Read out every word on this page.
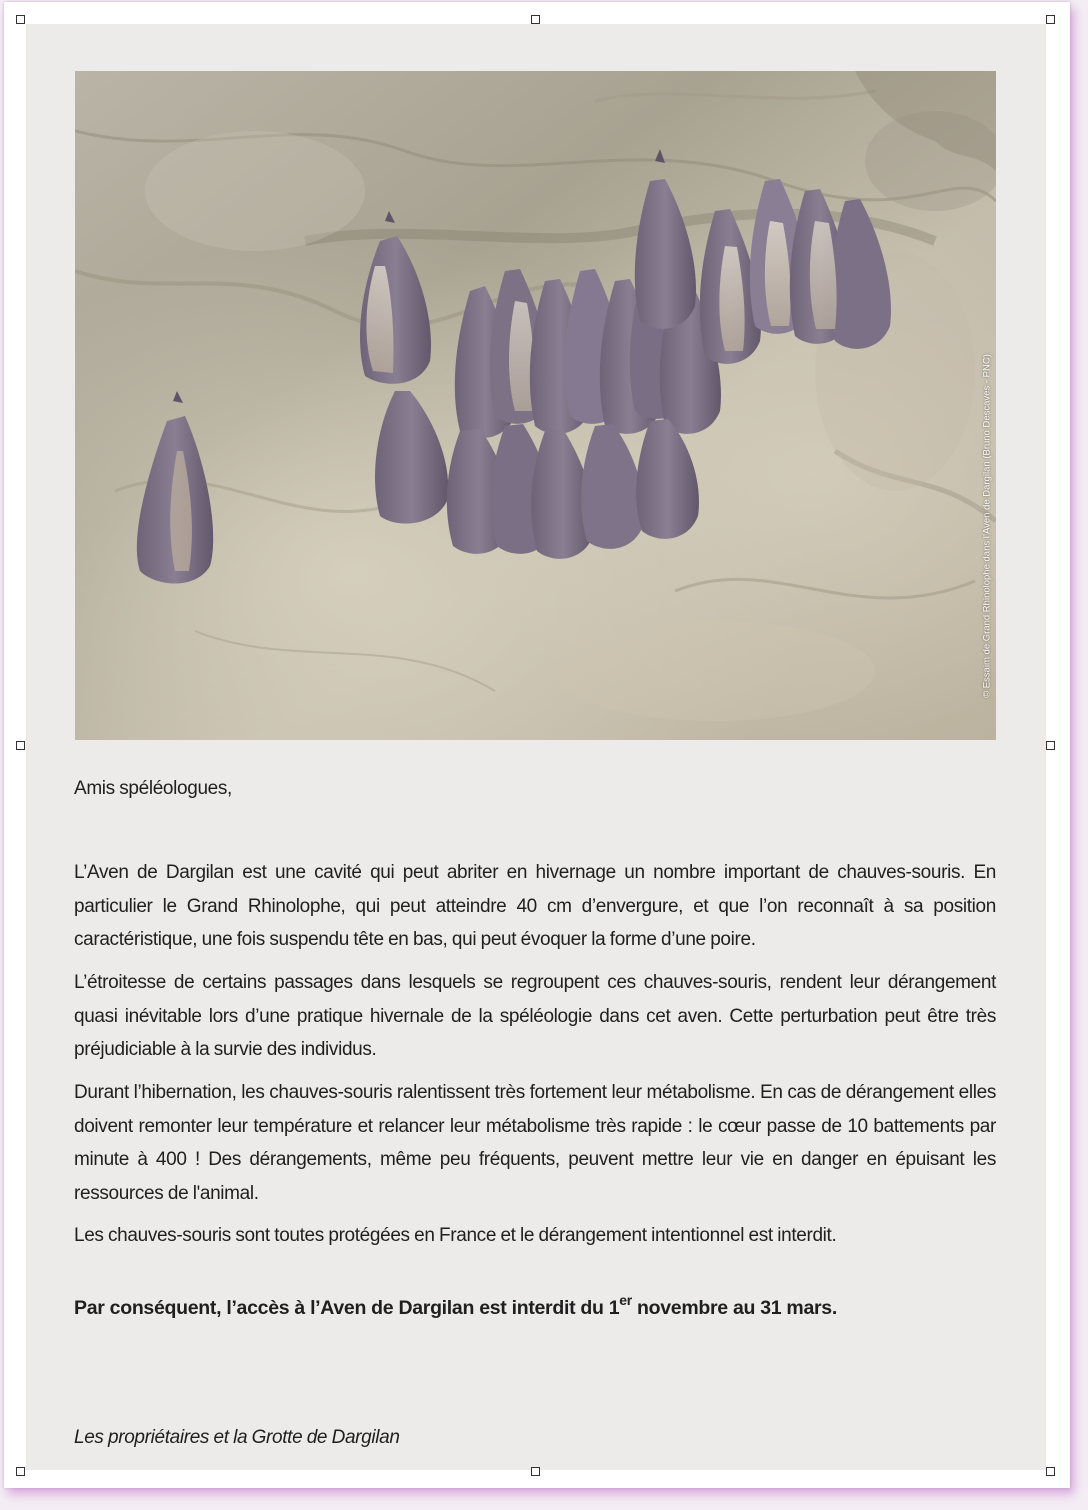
© Essaim de Grand Rhinolophe dans l’Aven de Dargilan (Bruno Descaves - PNC)

Amis spéléologues,

L’Aven de Dargilan est une cavité qui peut abriter en hivernage un nombre important de chauves-souris. En particulier le Grand Rhinolophe, qui peut atteindre 40 cm d’envergure, et que l’on reconnaît à sa position caractéristique, une fois suspendu tête en bas, qui peut évoquer la forme d’une poire.

L’étroitesse de certains passages dans lesquels se regroupent ces chauves-souris, rendent leur dérangement quasi inévitable lors d’une pratique hivernale de la spéléologie dans cet aven. Cette perturbation peut être très préjudiciable à la survie des individus.

Durant l’hibernation, les chauves-souris ralentissent très fortement leur métabolisme. En cas de dérangement elles doivent remonter leur température et relancer leur métabolisme très rapide : le cœur passe de 10 battements par minute à 400 ! Des dérangements, même peu fréquents, peuvent mettre leur vie en danger en épuisant les ressources de l'animal.

Les chauves-souris sont toutes protégées en France et le dérangement intentionnel est interdit.

Par conséquent, l’accès à l’Aven de Dargilan est interdit du 1er novembre au 31 mars.

Les propriétaires et la Grotte de Dargilan
